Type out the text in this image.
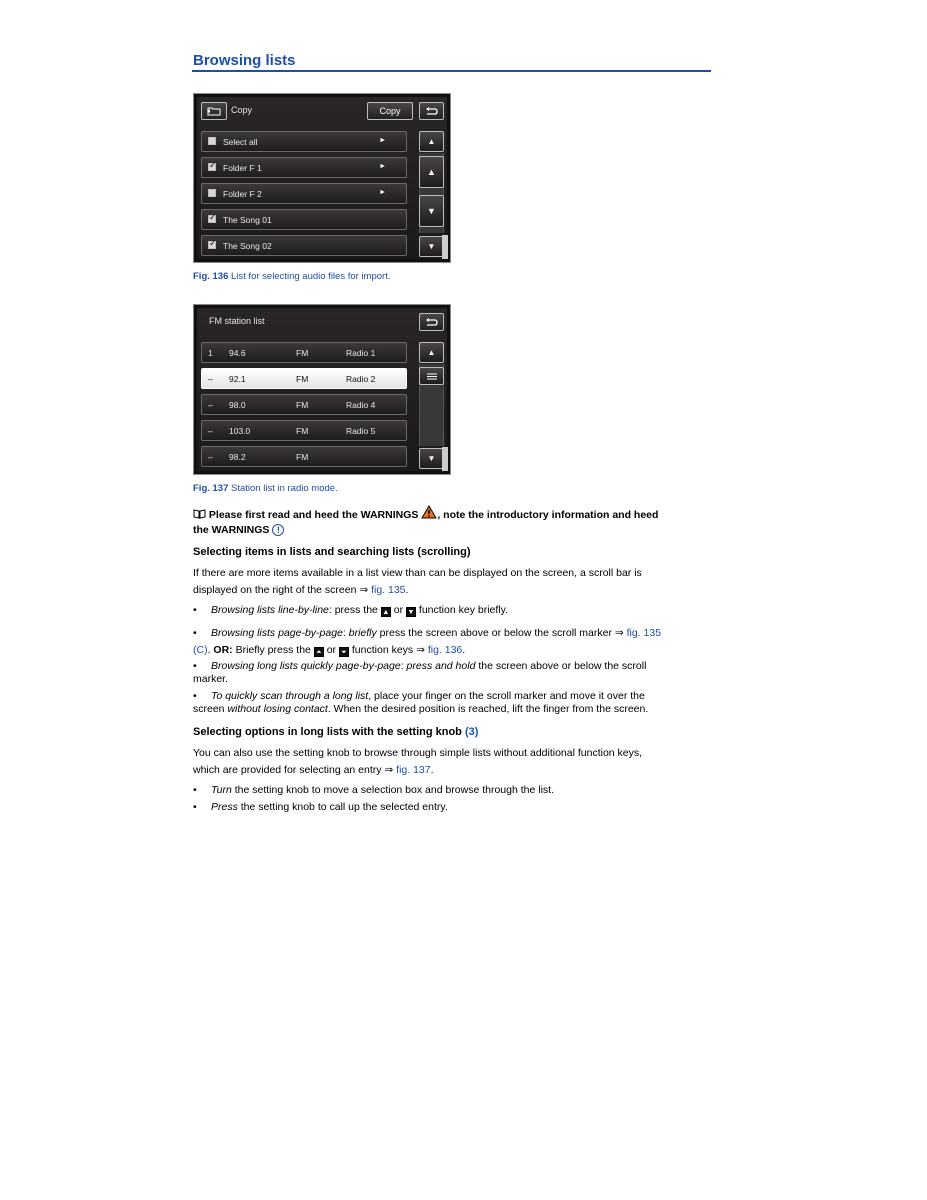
Browsing lists
Copy	Copy
Select all	►
✓ Folder F 1	►
Folder F 2	►
✓ The Song 01
✓ The Song 02
▲
▲

▼
▼
Fig. 136 List for selecting audio files for import.
FM station list
1 94.6	FM	Radio 1
– 92.1	FM	Radio 2
– 98.0	FM	Radio 4
– 103.0	FM	Radio 5
– 98.2	FM
▲
▼
Fig. 137 Station list in radio mode.
Please first read and heed the WARNINGS , note the introductory information and heed
the WARNINGS !
Selecting items in lists and searching lists (scrolling)
If there are more items available in a list view than can be displayed on the screen, a scroll bar is
displayed on the right of the screen ⇒ fig. 135.
• Browsing lists line-by-line: press the ▲ or ▼ function key briefly.
• Browsing lists page-by-page: briefly press the screen above or below the scroll marker ⇒ fig. 135
(C). OR: Briefly press the ⏶ or ⏷ function keys ⇒ fig. 136.
• Browsing long lists quickly page-by-page: press and hold the screen above or below the scroll
marker.
• To quickly scan through a long list, place your finger on the scroll marker and move it over the
screen without losing contact. When the desired position is reached, lift the finger from the screen.
Selecting options in long lists with the setting knob (3)
You can also use the setting knob to browse through simple lists without additional function keys,
which are provided for selecting an entry ⇒ fig. 137.
• Turn the setting knob to move a selection box and browse through the list.
• Press the setting knob to call up the selected entry.
